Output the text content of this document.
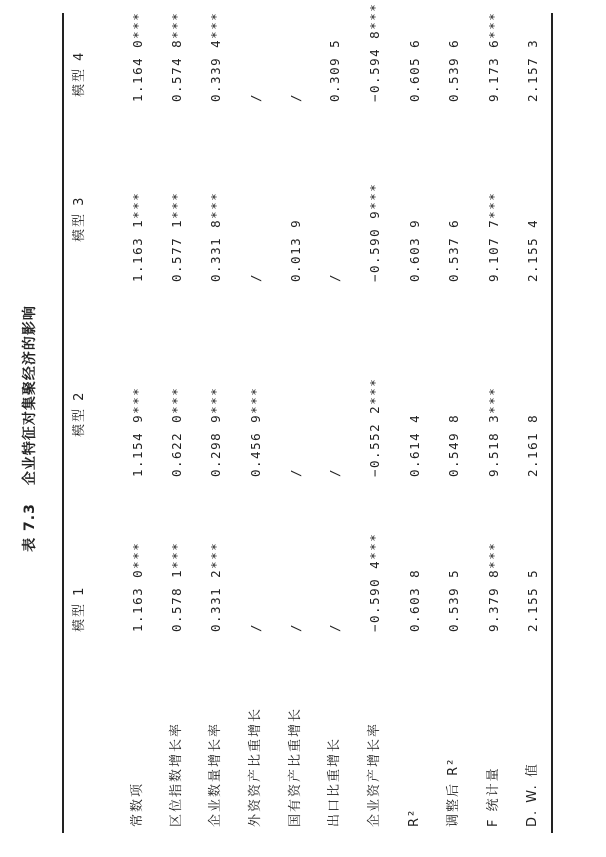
表 7.3企业特征对集聚经济的影响
模型 1
模型 2
模型 3
模型 4
常数项
1.163 0***
1.154 9***
1.163 1***
1.164 0***
区位指数增长率
0.578 1***
0.622 0***
0.577 1***
0.574 8***
企业数量增长率
0.331 2***
0.298 9***
0.331 8***
0.339 4***
外资资产比重增长
/
0.456 9***
/
/
国有资产比重增长
/
/
0.013 9
/
出口比重增长
/
/
/
0.309 5
企业资产增长率
−0.590 4***
−0.552 2***
−0.590 9***
−0.594 8***
R²
0.603 8
0.614 4
0.603 9
0.605 6
调整后 R²
0.539 5
0.549 8
0.537 6
0.539 6
F 统计量
9.379 8***
9.518 3***
9.107 7***
9.173 6***
D. W. 值
2.155 5
2.161 8
2.155 4
2.157 3
